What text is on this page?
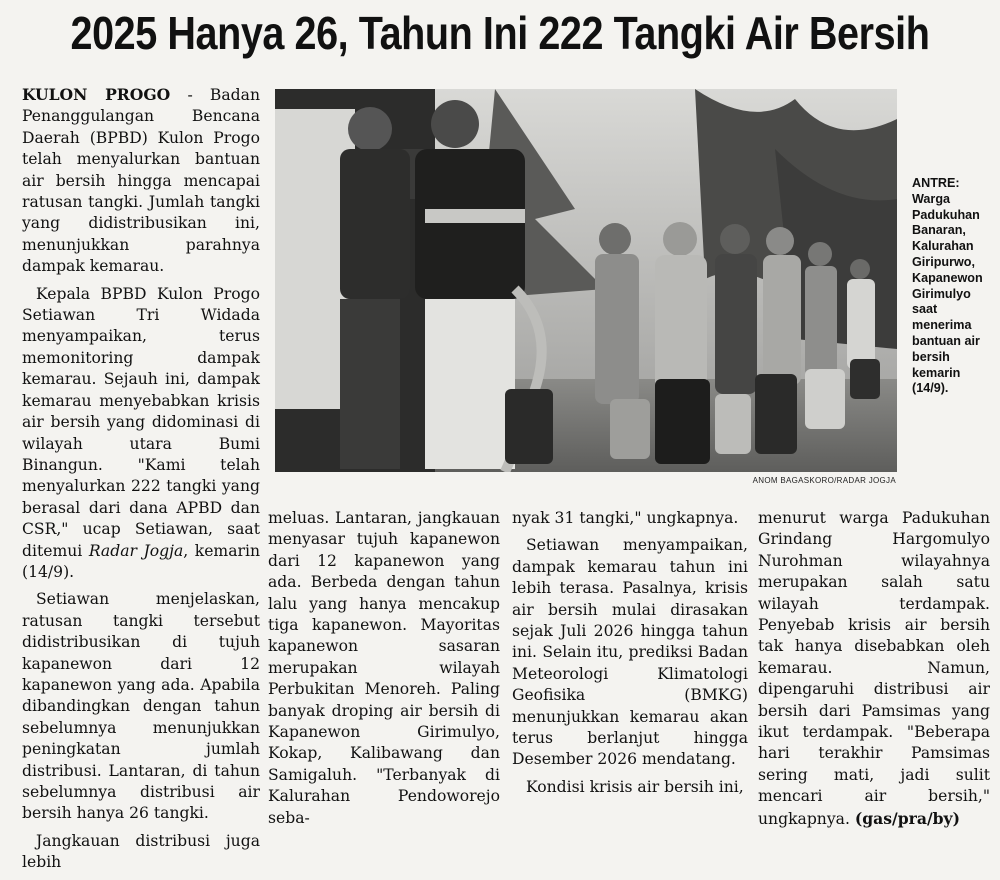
2025 Hanya 26, Tahun Ini 222 Tangki Air Bersih

KULON PROGO - Badan Penanggulangan Bencana Daerah (BPBD) Kulon Progo telah menyalurkan bantuan air bersih hingga mencapai ratusan tangki. Jumlah tangki yang didistribusikan ini, menunjukkan parahnya dampak kemarau.

Kepala BPBD Kulon Progo Setiawan Tri Widada menyampaikan, terus memonitoring dampak kemarau. Sejauh ini, dampak kemarau menyebabkan krisis air bersih yang didominasi di wilayah utara Bumi Binangun. "Kami telah menyalurkan 222 tangki yang berasal dari dana APBD dan CSR," ucap Setiawan, saat ditemui Radar Jogja, kemarin (14/9).

Setiawan menjelaskan, ratusan tangki tersebut didistribusikan di tujuh kapanewon dari 12 kapanewon yang ada. Apabila dibandingkan dengan tahun sebelumnya menunjukkan peningkatan jumlah distribusi. Lantaran, di tahun sebelumnya distribusi air bersih hanya 26 tangki.

Jangkauan distribusi juga lebih

ANOM BAGASKORO/RADAR JOGJA
ANTRE: Warga Padukuhan Banaran, Kalurahan Giripurwo, Kapanewon Girimulyo saat menerima bantuan air bersih kemarin (14/9).

meluas. Lantaran, jangkauan menyasar tujuh kapanewon dari 12 kapanewon yang ada. Berbeda dengan tahun lalu yang hanya mencakup tiga kapanewon. Mayoritas kapanewon sasaran merupakan wilayah Perbukitan Menoreh. Paling banyak droping air bersih di Kapanewon Girimulyo, Kokap, Kalibawang dan Samigaluh. "Terbanyak di Kalurahan Pendoworejo seba-

nyak 31 tangki," ungkapnya.

Setiawan menyampaikan, dampak kemarau tahun ini lebih terasa. Pasalnya, krisis air bersih mulai dirasakan sejak Juli 2026 hingga tahun ini. Selain itu, prediksi Badan Meteorologi Klimatologi Geofisika (BMKG) menunjukkan kemarau akan terus berlanjut hingga Desember 2026 mendatang.

Kondisi krisis air bersih ini,

menurut warga Padukuhan Grindang Hargomulyo Nurohman wilayahnya merupakan salah satu wilayah terdampak. Penyebab krisis air bersih tak hanya disebabkan oleh kemarau. Namun, dipengaruhi distribusi air bersih dari Pamsimas yang ikut terdampak. "Beberapa hari terakhir Pamsimas sering mati, jadi sulit mencari air bersih," ungkapnya. (gas/pra/by)
